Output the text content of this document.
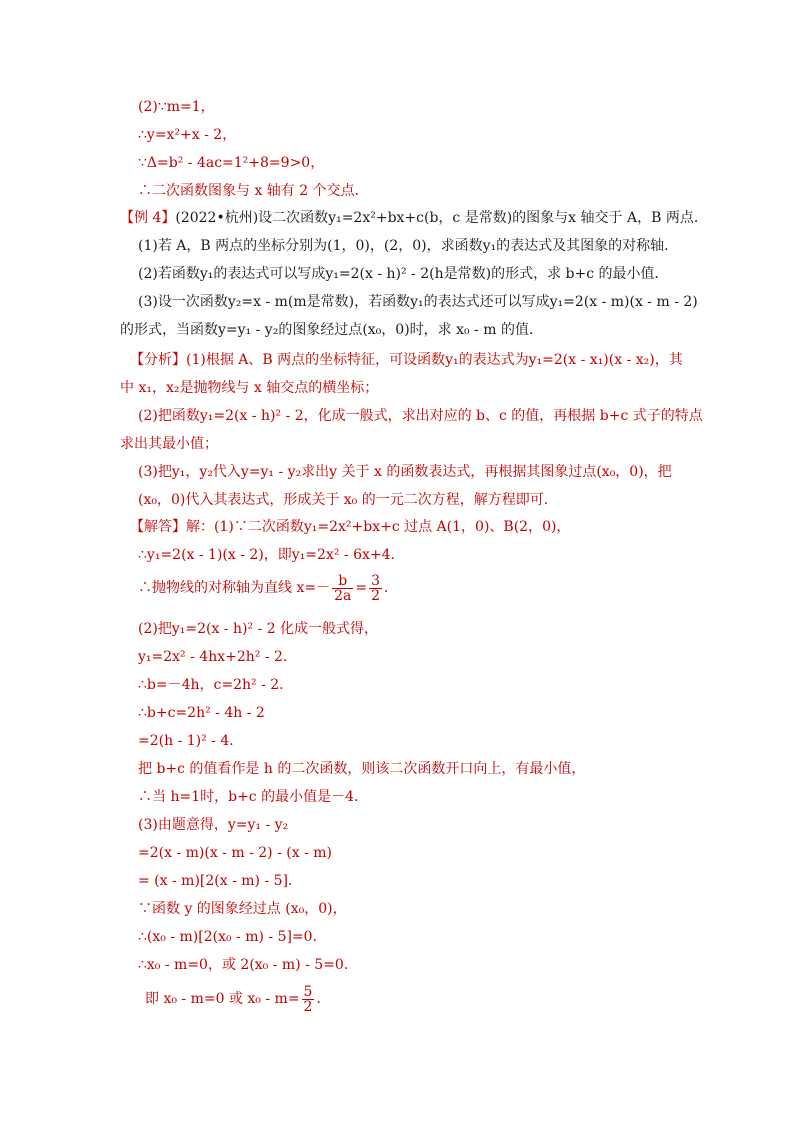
(2)∵m=1，
∴y=x²+x - 2，
∵Δ=b² - 4ac=1²+8=9>0，
∴二次函数图象与 x 轴有 2 个交点．
【例 4】(2022•杭州)设二次函数y₁=2x²+bx+c(b，c 是常数)的图象与x 轴交于 A，B 两点．
(1)若 A，B 两点的坐标分别为(1，0)，(2，0)，求函数y₁的表达式及其图象的对称轴．
(2)若函数y₁的表达式可以写成y₁=2(x - h)² - 2(h是常数)的形式，求 b+c 的最小值．
(3)设一次函数y₂=x - m(m是常数)，若函数y₁的表达式还可以写成y₁=2(x - m)(x - m - 2)
的形式，当函数y=y₁ - y₂的图象经过点(x₀，0)时，求 x₀ - m 的值．
【分析】(1)根据 A、B 两点的坐标特征，可设函数y₁的表达式为y₁=2(x - x₁)(x - x₂)，其
中 x₁，x₂是抛物线与 x 轴交点的横坐标；
(2)把函数y₁=2(x - h)² - 2，化成一般式，求出对应的 b、c 的值，再根据 b+c 式子的特点
求出其最小值；
(3)把y₁，y₂代入y=y₁ - y₂求出y 关于 x 的函数表达式，再根据其图象过点(x₀，0)，把
(x₀，0)代入其表达式，形成关于 x₀ 的一元二次方程，解方程即可．
【解答】解：(1)∵二次函数y₁=2x²+bx+c 过点 A(1，0)、B(2，0)，
∴y₁=2(x - 1)(x - 2)，即y₁=2x² - 6x+4．
∴抛物线的对称轴为直线 $x=- \frac{b}{2a} = \frac{3}{2}$ ．
(2)把y₁=2(x - h)² - 2 化成一般式得，
y₁=2x² - 4hx+2h² - 2．
∴b=－4h，c=2h² - 2．
∴b+c=2h² - 4h - 2
=2(h - 1)² - 4．
把 b+c 的值看作是 h 的二次函数，则该二次函数开口向上，有最小值，
∴当 h=1时，b+c 的最小值是－4．
(3)由题意得，y=y₁ - y₂
=2(x - m)(x - m - 2) - (x - m)
= (x - m)[2(x - m) - 5]．
∵函数 y 的图象经过点 (x₀，0)，
∴(x₀ - m)[2(x₀ - m) - 5]=0．
∴x₀ - m=0，或 2(x₀ - m) - 5=0．
即 x₀ - m=0 或 $x_0 - m= \frac{5}{2}$ ．
